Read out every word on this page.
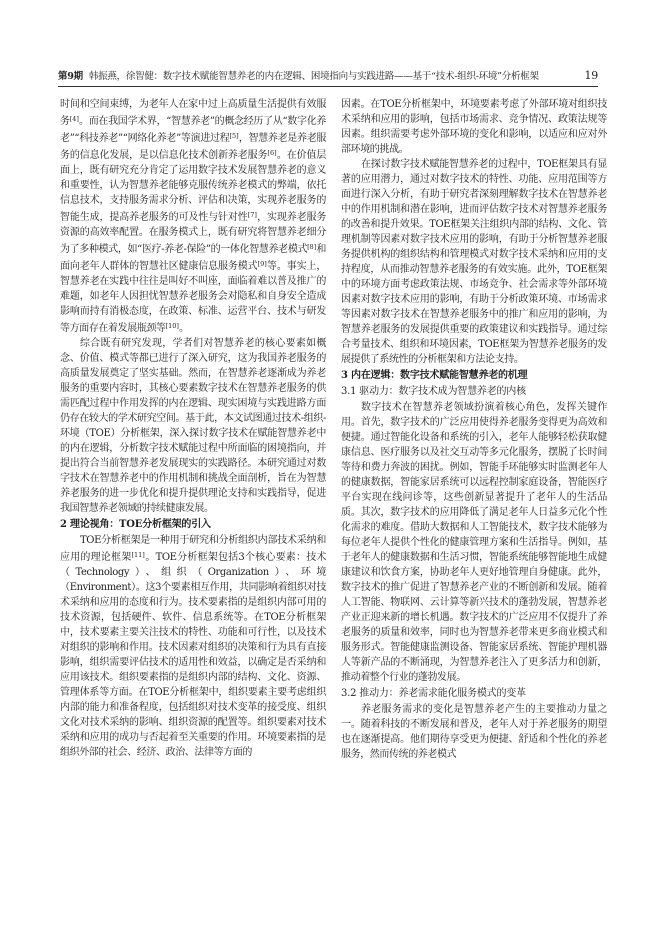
第9期 韩振燕，徐智健：数字技术赋能智慧养老的内在逻辑、困境指向与实践进路——基于“技术-组织-环境”分析框架	19

时间和空间束缚，为老年人在家中过上高质量生活提供有效服务[4]。而在我国学术界，“智慧养老”的概念经历了从“数字化养老”“科技养老”“网络化养老”等演进过程[5]，智慧养老是养老服务的信息化发展，是以信息化技术创新养老服务[6]。在价值层面上，既有研究充分肯定了运用数字技术发展智慧养老的意义和重要性，认为智慧养老能够克服传统养老模式的弊端，依托信息技术，支持服务需求分析、评估和决策，实现养老服务的智能生成，提高养老服务的可及性与针对性[7]，实现养老服务资源的高效率配置。在服务模式上，既有研究将智慧养老细分为了多种模式，如“医疗-养老-保险”的一体化智慧养老模式[8]和面向老年人群体的智慧社区健康信息服务模式[9]等。事实上，智慧养老在实践中往往是叫好不叫座，面临着难以普及推广的难题，如老年人因担忧智慧养老服务会对隐私和自身安全造成影响而持有消极态度，在政策、标准、运营平台、技术与研发等方面存在着发展瓶颈等[10]。

综合既有研究发现，学者们对智慧养老的核心要素如概念、价值、模式等都已进行了深入研究，这为我国养老服务的高质量发展奠定了坚实基础。然而，在智慧养老逐渐成为养老服务的重要内容时，其核心要素数字技术在智慧养老服务的供需匹配过程中作用发挥的内在逻辑、现实困境与实践进路方面仍存在较大的学术研究空间。基于此，本文试图通过技术-组织-环境（TOE）分析框架，深入探讨数字技术在赋能智慧养老中的内在逻辑，分析数字技术赋能过程中所面临的困境指向，并提出符合当前智慧养老发展现实的实践路径。本研究通过对数字技术在智慧养老中的作用机制和挑战全面剖析，旨在为智慧养老服务的进一步优化和提升提供理论支持和实践指导，促进我国智慧养老领域的持续健康发展。

2 理论视角：TOE分析框架的引入

TOE分析框架是一种用于研究和分析组织内部技术采纳和应用的理论框架[11]。TOE分析框架包括3个核心要素：技术（Technology）、组织（Organization）、环境（Environment）。这3个要素相互作用，共同影响着组织对技术采纳和应用的态度和行为。技术要素指的是组织内部可用的技术资源，包括硬件、软件、信息系统等。在TOE分析框架中，技术要素主要关注技术的特性、功能和可行性，以及技术对组织的影响和作用。技术因素对组织的决策和行为具有直接影响，组织需要评估技术的适用性和效益，以确定是否采纳和应用该技术。组织要素指的是组织内部的结构、文化、资源、管理体系等方面。在TOE分析框架中，组织要素主要考虑组织内部的能力和准备程度，包括组织对技术变革的接受度、组织文化对技术采纳的影响、组织资源的配置等。组织要素对技术采纳和应用的成功与否起着至关重要的作用。环境要素指的是组织外部的社会、经济、政治、法律等方面的

因素。在TOE分析框架中，环境要素考虑了外部环境对组织技术采纳和应用的影响，包括市场需求、竞争情况、政策法规等因素。组织需要考虑外部环境的变化和影响，以适应和应对外部环境的挑战。

在探讨数字技术赋能智慧养老的过程中，TOE框架具有显著的应用潜力，通过对数字技术的特性、功能、应用范围等方面进行深入分析，有助于研究者深刻理解数字技术在智慧养老中的作用机制和潜在影响，进而评估数字技术对智慧养老服务的改善和提升效果。TOE框架关注组织内部的结构、文化、管理机制等因素对数字技术应用的影响，有助于分析智慧养老服务提供机构的组织结构和管理模式对数字技术采纳和应用的支持程度，从而推动智慧养老服务的有效实施。此外，TOE框架中的环境方面考虑政策法规、市场竞争、社会需求等外部环境因素对数字技术应用的影响，有助于分析政策环境、市场需求等因素对数字技术在智慧养老服务中的推广和应用的影响，为智慧养老服务的发展提供重要的政策建议和实践指导。通过综合考量技术、组织和环境因素，TOE框架为智慧养老服务的发展提供了系统性的分析框架和方法论支持。

3 内在逻辑：数字技术赋能智慧养老的机理
3.1 驱动力：数字技术成为智慧养老的内核

数字技术在智慧养老领域扮演着核心角色，发挥关键作用。首先，数字技术的广泛应用使得养老服务变得更为高效和便捷。通过智能化设备和系统的引入，老年人能够轻松获取健康信息、医疗服务以及社交互动等多元化服务，摆脱了长时间等待和费力奔波的困扰。例如，智能手环能够实时监测老年人的健康数据，智能家居系统可以远程控制家庭设备，智能医疗平台实现在线问诊等，这些创新显著提升了老年人的生活品质。其次，数字技术的应用降低了满足老年人日益多元化个性化需求的难度。借助大数据和人工智能技术，数字技术能够为每位老年人提供个性化的健康管理方案和生活指导。例如，基于老年人的健康数据和生活习惯，智能系统能够智能地生成健康建议和饮食方案，协助老年人更好地管理自身健康。此外，数字技术的推广促进了智慧养老产业的不断创新和发展。随着人工智能、物联网、云计算等新兴技术的蓬勃发展，智慧养老产业正迎来新的增长机遇。数字技术的广泛应用不仅提升了养老服务的质量和效率，同时也为智慧养老带来更多商业模式和服务形式。智能健康监测设备、智能家居系统、智能护理机器人等新产品的不断涌现，为智慧养老注入了更多活力和创新，推动着整个行业的蓬勃发展。

3.2 推动力：养老需求能化服务模式的变革

养老服务需求的变化是智慧养老产生的主要推动力量之一。随着科技的不断发展和普及，老年人对于养老服务的期望也在逐渐提高。他们期待享受更为便捷、舒适和个性化的养老服务，然而传统的养老模式
